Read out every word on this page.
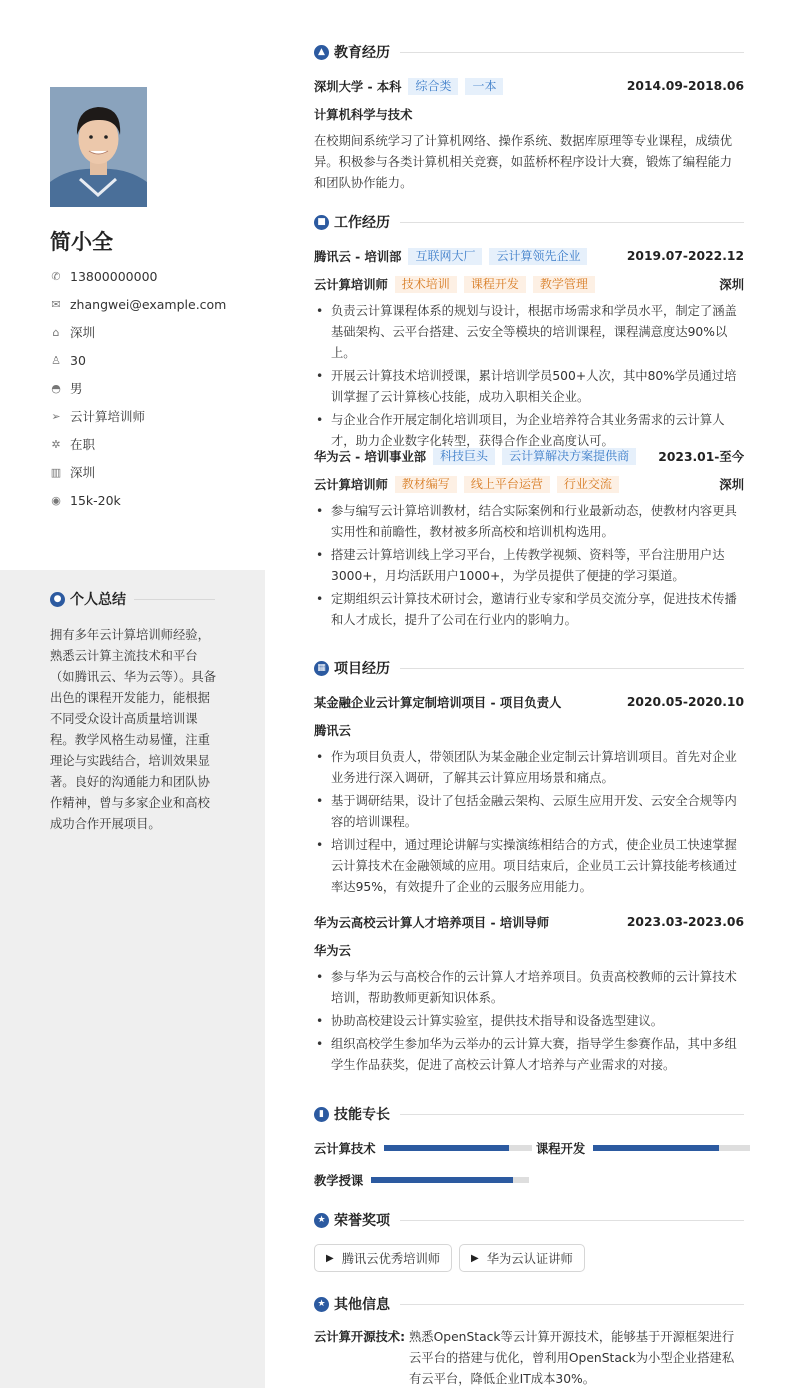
简小全
✆ 13800000000
✉ zhangwei@example.com
⌂ 深圳
♙ 30
◓ 男
➢ 云计算培训师
✲ 在职
▥ 深圳
◉ 15k-20k
● 个人总结

拥有多年云计算培训师经验，熟悉云计算主流技术和平台（如腾讯云、华为云等）。具备出色的课程开发能力，能根据不同受众设计高质量培训课程。教学风格生动易懂，注重理论与实践结合，培训效果显著。良好的沟通能力和团队协作精神，曾与多家企业和高校成功合作开展项目。

▲ 教育经历
深圳大学 - 本科	综合类	一本	2014.09-2018.06
计算机科学与技术

在校期间系统学习了计算机网络、操作系统、数据库原理等专业课程，成绩优异。积极参与各类计算机相关竞赛，如蓝桥杯程序设计大赛，锻炼了编程能力和团队协作能力。

■ 工作经历
腾讯云 - 培训部	互联网大厂	云计算领先企业	2019.07-2022.12
云计算培训师	技术培训	课程开发	教学管理	深圳
• 负责云计算课程体系的规划与设计，根据市场需求和学员水平，制定了涵盖基础架构、云平台搭建、云安全等模块的培训课程，课程满意度达90%以上。
• 开展云计算技术培训授课，累计培训学员500+人次，其中80%学员通过培训掌握了云计算核心技能，成功入职相关企业。
• 与企业合作开展定制化培训项目，为企业培养符合其业务需求的云计算人才，助力企业数字化转型，获得合作企业高度认可。
华为云 - 培训事业部	科技巨头	云计算解决方案提供商	2023.01-至今
云计算培训师	教材编写	线上平台运营	行业交流	深圳
• 参与编写云计算培训教材，结合实际案例和行业最新动态，使教材内容更具实用性和前瞻性，教材被多所高校和培训机构选用。
• 搭建云计算培训线上学习平台，上传教学视频、资料等，平台注册用户达3000+，月均活跃用户1000+，为学员提供了便捷的学习渠道。
• 定期组织云计算技术研讨会，邀请行业专家和学员交流分享，促进技术传播和人才成长，提升了公司在行业内的影响力。
▦ 项目经历
某金融企业云计算定制培训项目 - 项目负责人	2020.05-2020.10
腾讯云
• 作为项目负责人，带领团队为某金融企业定制云计算培训项目。首先对企业业务进行深入调研，了解其云计算应用场景和痛点。
• 基于调研结果，设计了包括金融云架构、云原生应用开发、云安全合规等内容的培训课程。
• 培训过程中，通过理论讲解与实操演练相结合的方式，使企业员工快速掌握云计算技术在金融领域的应用。项目结束后，企业员工云计算技能考核通过率达95%，有效提升了企业的云服务应用能力。
华为云高校云计算人才培养项目 - 培训导师	2023.03-2023.06
华为云
• 参与华为云与高校合作的云计算人才培养项目。负责高校教师的云计算技术培训，帮助教师更新知识体系。
• 协助高校建设云计算实验室，提供技术指导和设备选型建议。
• 组织高校学生参加华为云举办的云计算大赛，指导学生参赛作品，其中多组学生作品获奖，促进了高校云计算人才培养与产业需求的对接。
▮ 技能专长
云计算技术	课程开发
教学授课
★ 荣誉奖项
▶ 腾讯云优秀培训师	▶ 华为云认证讲师
★ 其他信息
云计算开源技术: 熟悉OpenStack等云计算开源技术，能够基于开源框架进行云平台的搭建与优化，曾利用OpenStack为小型企业搭建私有云平台，降低企业IT成本30%。
